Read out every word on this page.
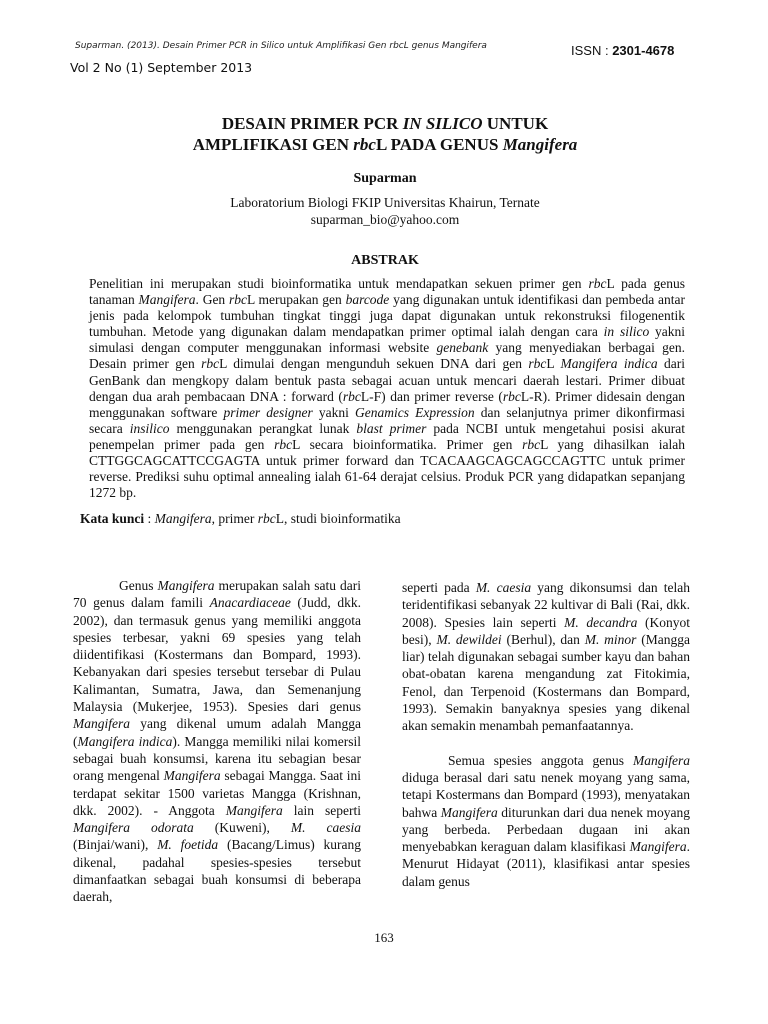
Suparman. (2013). Desain Primer PCR in Silico untuk Amplifikasi Gen rbcL genus Mangifera	ISSN : 2301-4678
Vol 2 No (1) September 2013
DESAIN PRIMER PCR IN SILICO UNTUK
AMPLIFIKASI GEN rbcL PADA GENUS Mangifera
Suparman
Laboratorium Biologi FKIP Universitas Khairun, Ternate
suparman_bio@yahoo.com
ABSTRAK

Penelitian ini merupakan studi bioinformatika untuk mendapatkan sekuen primer gen rbcL pada genus tanaman Mangifera. Gen rbcL merupakan gen barcode yang digunakan untuk identifikasi dan pembeda antar jenis pada kelompok tumbuhan tingkat tinggi juga dapat digunakan untuk rekonstruksi filogenentik tumbuhan. Metode yang digunakan dalam mendapatkan primer optimal ialah dengan cara in silico yakni simulasi dengan computer menggunakan informasi website genebank yang menyediakan berbagai gen. Desain primer gen rbcL dimulai dengan mengunduh sekuen DNA dari gen rbcL Mangifera indica dari GenBank dan mengkopy dalam bentuk pasta sebagai acuan untuk mencari daerah lestari. Primer dibuat dengan dua arah pembacaan DNA : forward (rbcL-F) dan primer reverse (rbcL-R). Primer didesain dengan menggunakan software primer designer yakni Genamics Expression dan selanjutnya primer dikonfirmasi secara insilico menggunakan perangkat lunak blast primer pada NCBI untuk mengetahui posisi akurat penempelan primer pada gen rbcL secara bioinformatika. Primer gen rbcL yang dihasilkan ialah CTTGGCAGCATTCCGAGTA untuk primer forward dan TCACAAGCAGCAGCCAGTTC untuk primer reverse. Prediksi suhu optimal annealing ialah 61-64 derajat celsius. Produk PCR yang didapatkan sepanjang 1272 bp.

Kata kunci : Mangifera, primer rbcL, studi bioinformatika

Genus Mangifera merupakan salah satu dari 70 genus dalam famili Anacardiaceae (Judd, dkk. 2002), dan termasuk genus yang memiliki anggota spesies terbesar, yakni 69 spesies yang telah diidentifikasi (Kostermans dan Bompard, 1993). Kebanyakan dari spesies tersebut tersebar di Pulau Kalimantan, Sumatra, Jawa, dan Semenanjung Malaysia (Mukerjee, 1953). Spesies dari genus Mangifera yang dikenal umum adalah Mangga (Mangifera indica). Mangga memiliki nilai komersil sebagai buah konsumsi, karena itu sebagian besar orang mengenal Mangifera sebagai Mangga. Saat ini terdapat sekitar 1500 varietas Mangga (Krishnan, dkk. 2002). - Anggota Mangifera lain seperti Mangifera odorata (Kuweni), M. caesia (Binjai/wani), M. foetida (Bacang/Limus) kurang dikenal, padahal spesies-spesies tersebut dimanfaatkan sebagai buah konsumsi di beberapa daerah,

seperti pada M. caesia yang dikonsumsi dan telah teridentifikasi sebanyak 22 kultivar di Bali (Rai, dkk. 2008). Spesies lain seperti M. decandra (Konyot besi), M. dewildei (Berhul), dan M. minor (Mangga liar) telah digunakan sebagai sumber kayu dan bahan obat-obatan karena mengandung zat Fitokimia, Fenol, dan Terpenoid (Kostermans dan Bompard, 1993). Semakin banyaknya spesies yang dikenal akan semakin menambah pemanfaatannya.

Semua spesies anggota genus Mangifera diduga berasal dari satu nenek moyang yang sama, tetapi Kostermans dan Bompard (1993), menyatakan bahwa Mangifera diturunkan dari dua nenek moyang yang berbeda. Perbedaan dugaan ini akan menyebabkan keraguan dalam klasifikasi Mangifera. Menurut Hidayat (2011), klasifikasi antar spesies dalam genus

163
